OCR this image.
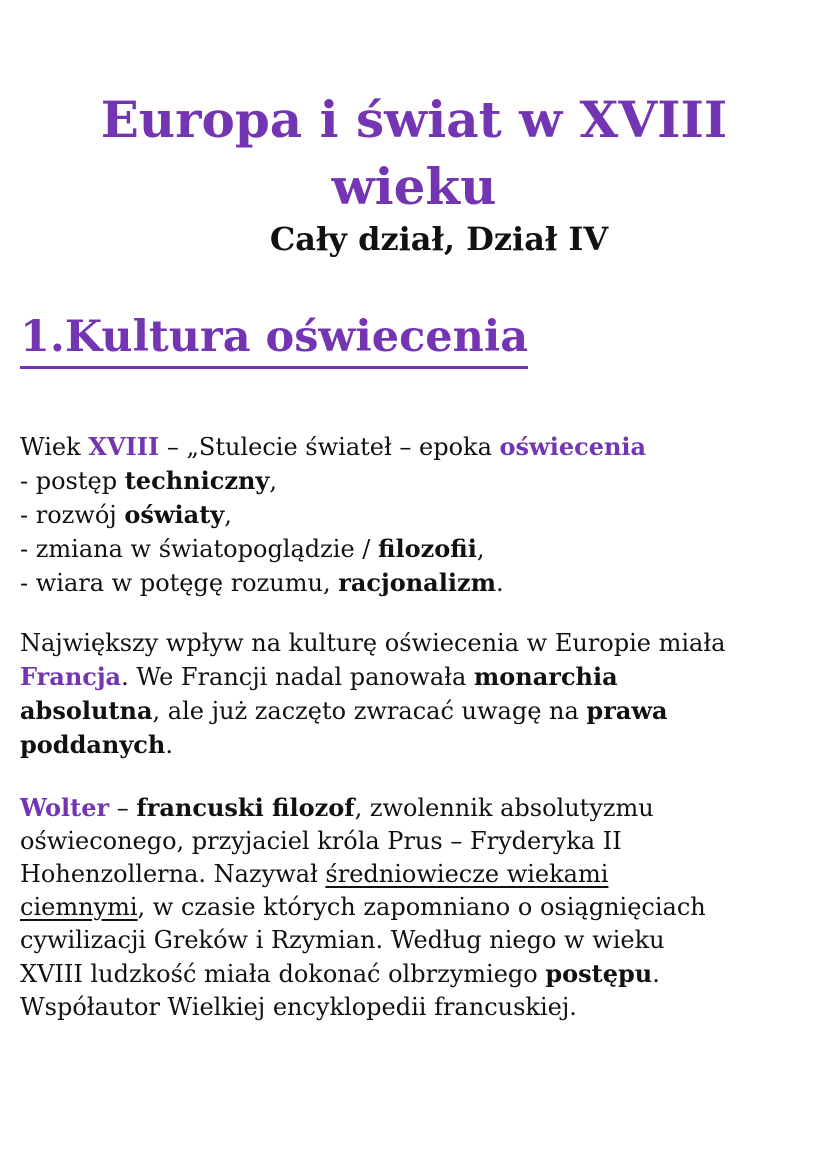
Europa i świat w XVIII
wieku
Cały dział, Dział IV
1.Kultura oświecenia
Wiek XVIII – „Stulecie świateł – epoka oświecenia
- postęp techniczny,
- rozwój oświaty,
- zmiana w światopoglądzie / filozofii,
- wiara w potęgę rozumu, racjonalizm.
Największy wpływ na kulturę oświecenia w Europie miała
Francja. We Francji nadal panowała monarchia
absolutna, ale już zaczęto zwracać uwagę na prawa
poddanych.
Wolter – francuski filozof, zwolennik absolutyzmu
oświeconego, przyjaciel króla Prus – Fryderyka II
Hohenzollerna. Nazywał średniowiecze wiekami
ciemnymi, w czasie których zapomniano o osiągnięciach
cywilizacji Greków i Rzymian. Według niego w wieku
XVIII ludzkość miała dokonać olbrzymiego postępu.
Współautor Wielkiej encyklopedii francuskiej.
